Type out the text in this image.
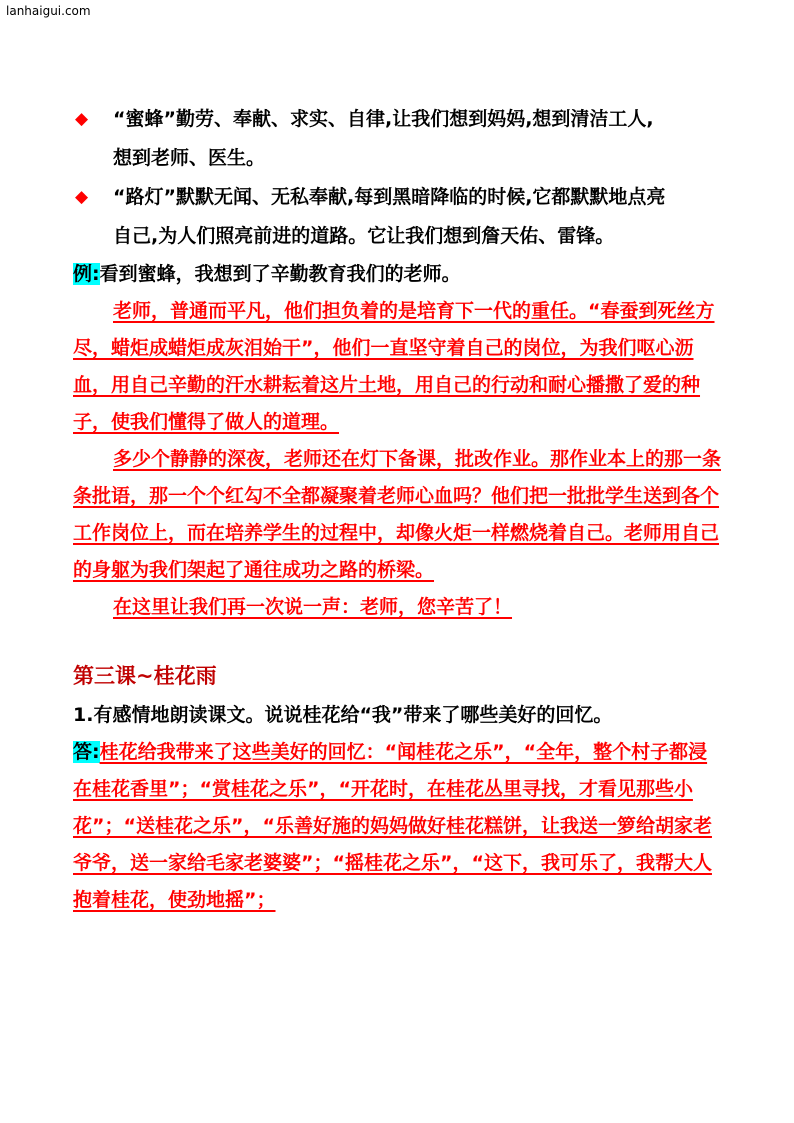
lanhaigui.com
◆ “蜜蜂”勤劳、奉献、求实、自律,让我们想到妈妈,想到清洁工人,
想到老师、医生。
◆ “路灯”默默无闻、无私奉献,每到黑暗降临的时候,它都默默地点亮
自己,为人们照亮前进的道路。它让我们想到詹天佑、雷锋。

例:看到蜜蜂，我想到了辛勤教育我们的老师。

老师，普通而平凡，他们担负着的是培育下一代的重任。“春蚕到死丝方尽，蜡炬成蜡炬成灰泪始干”，他们一直坚守着自己的岗位，为我们呕心沥血，用自己辛勤的汗水耕耘着这片土地，用自己的行动和耐心播撒了爱的种子，使我们懂得了做人的道理。

多少个静静的深夜，老师还在灯下备课，批改作业。那作业本上的那一条条批语，那一个个红勾不全都凝聚着老师心血吗？他们把一批批学生送到各个工作岗位上，而在培养学生的过程中，却像火炬一样燃烧着自己。老师用自己的身躯为我们架起了通往成功之路的桥梁。

在这里让我们再一次说一声：老师，您辛苦了！

第三课~桂花雨
1.有感情地朗读课文。说说桂花给“我”带来了哪些美好的回忆。

答:桂花给我带来了这些美好的回忆：“闻桂花之乐”，“全年，整个村子都浸在桂花香里”；“赏桂花之乐”，“开花时，在桂花丛里寻找，才看见那些小花”；“送桂花之乐”，“乐善好施的妈妈做好桂花糕饼，让我送一箩给胡家老爷爷，送一家给毛家老婆婆”；“摇桂花之乐”，“这下，我可乐了，我帮大人抱着桂花，使劲地摇”；
